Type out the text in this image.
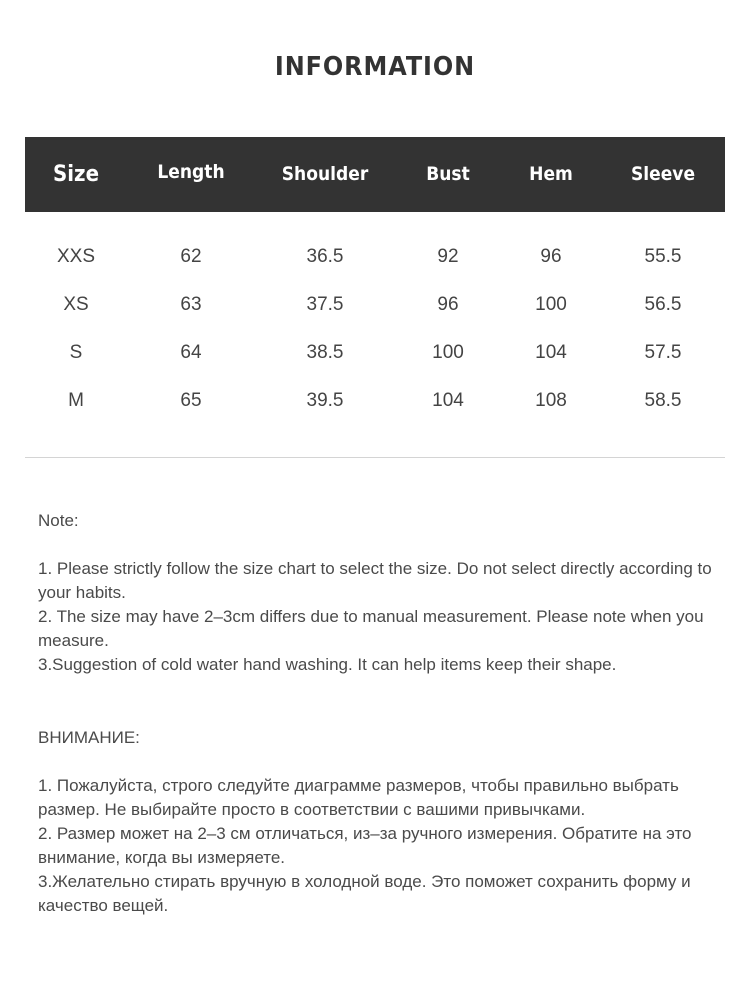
INFORMATION
Size	Length	Shoulder	Bust	Hem	Sleeve
XXS	62	36.5	92	96	55.5
XS	63	37.5	96	100	56.5
S	64	38.5	100	104	57.5
M	65	39.5	104	108	58.5

Note:

1. Please strictly follow the size chart to select the size. Do not select directly according to your habits.

2. The size may have 2–3cm differs due to manual measurement. Please note when you measure.

3.Suggestion of cold water hand washing. It can help items keep their shape.

ВНИМАНИЕ:

1. Пожалуйста, строго следуйте диаграмме размеров, чтобы правильно выбрать размер. Не выбирайте просто в соответствии с вашими привычками.

2. Размер может на 2–3 см отличаться, из–за ручного измерения. Обратите на это внимание, когда вы измеряете.

3.Желательно стирать вручную в холодной воде. Это поможет сохранить форму и качество вещей.
